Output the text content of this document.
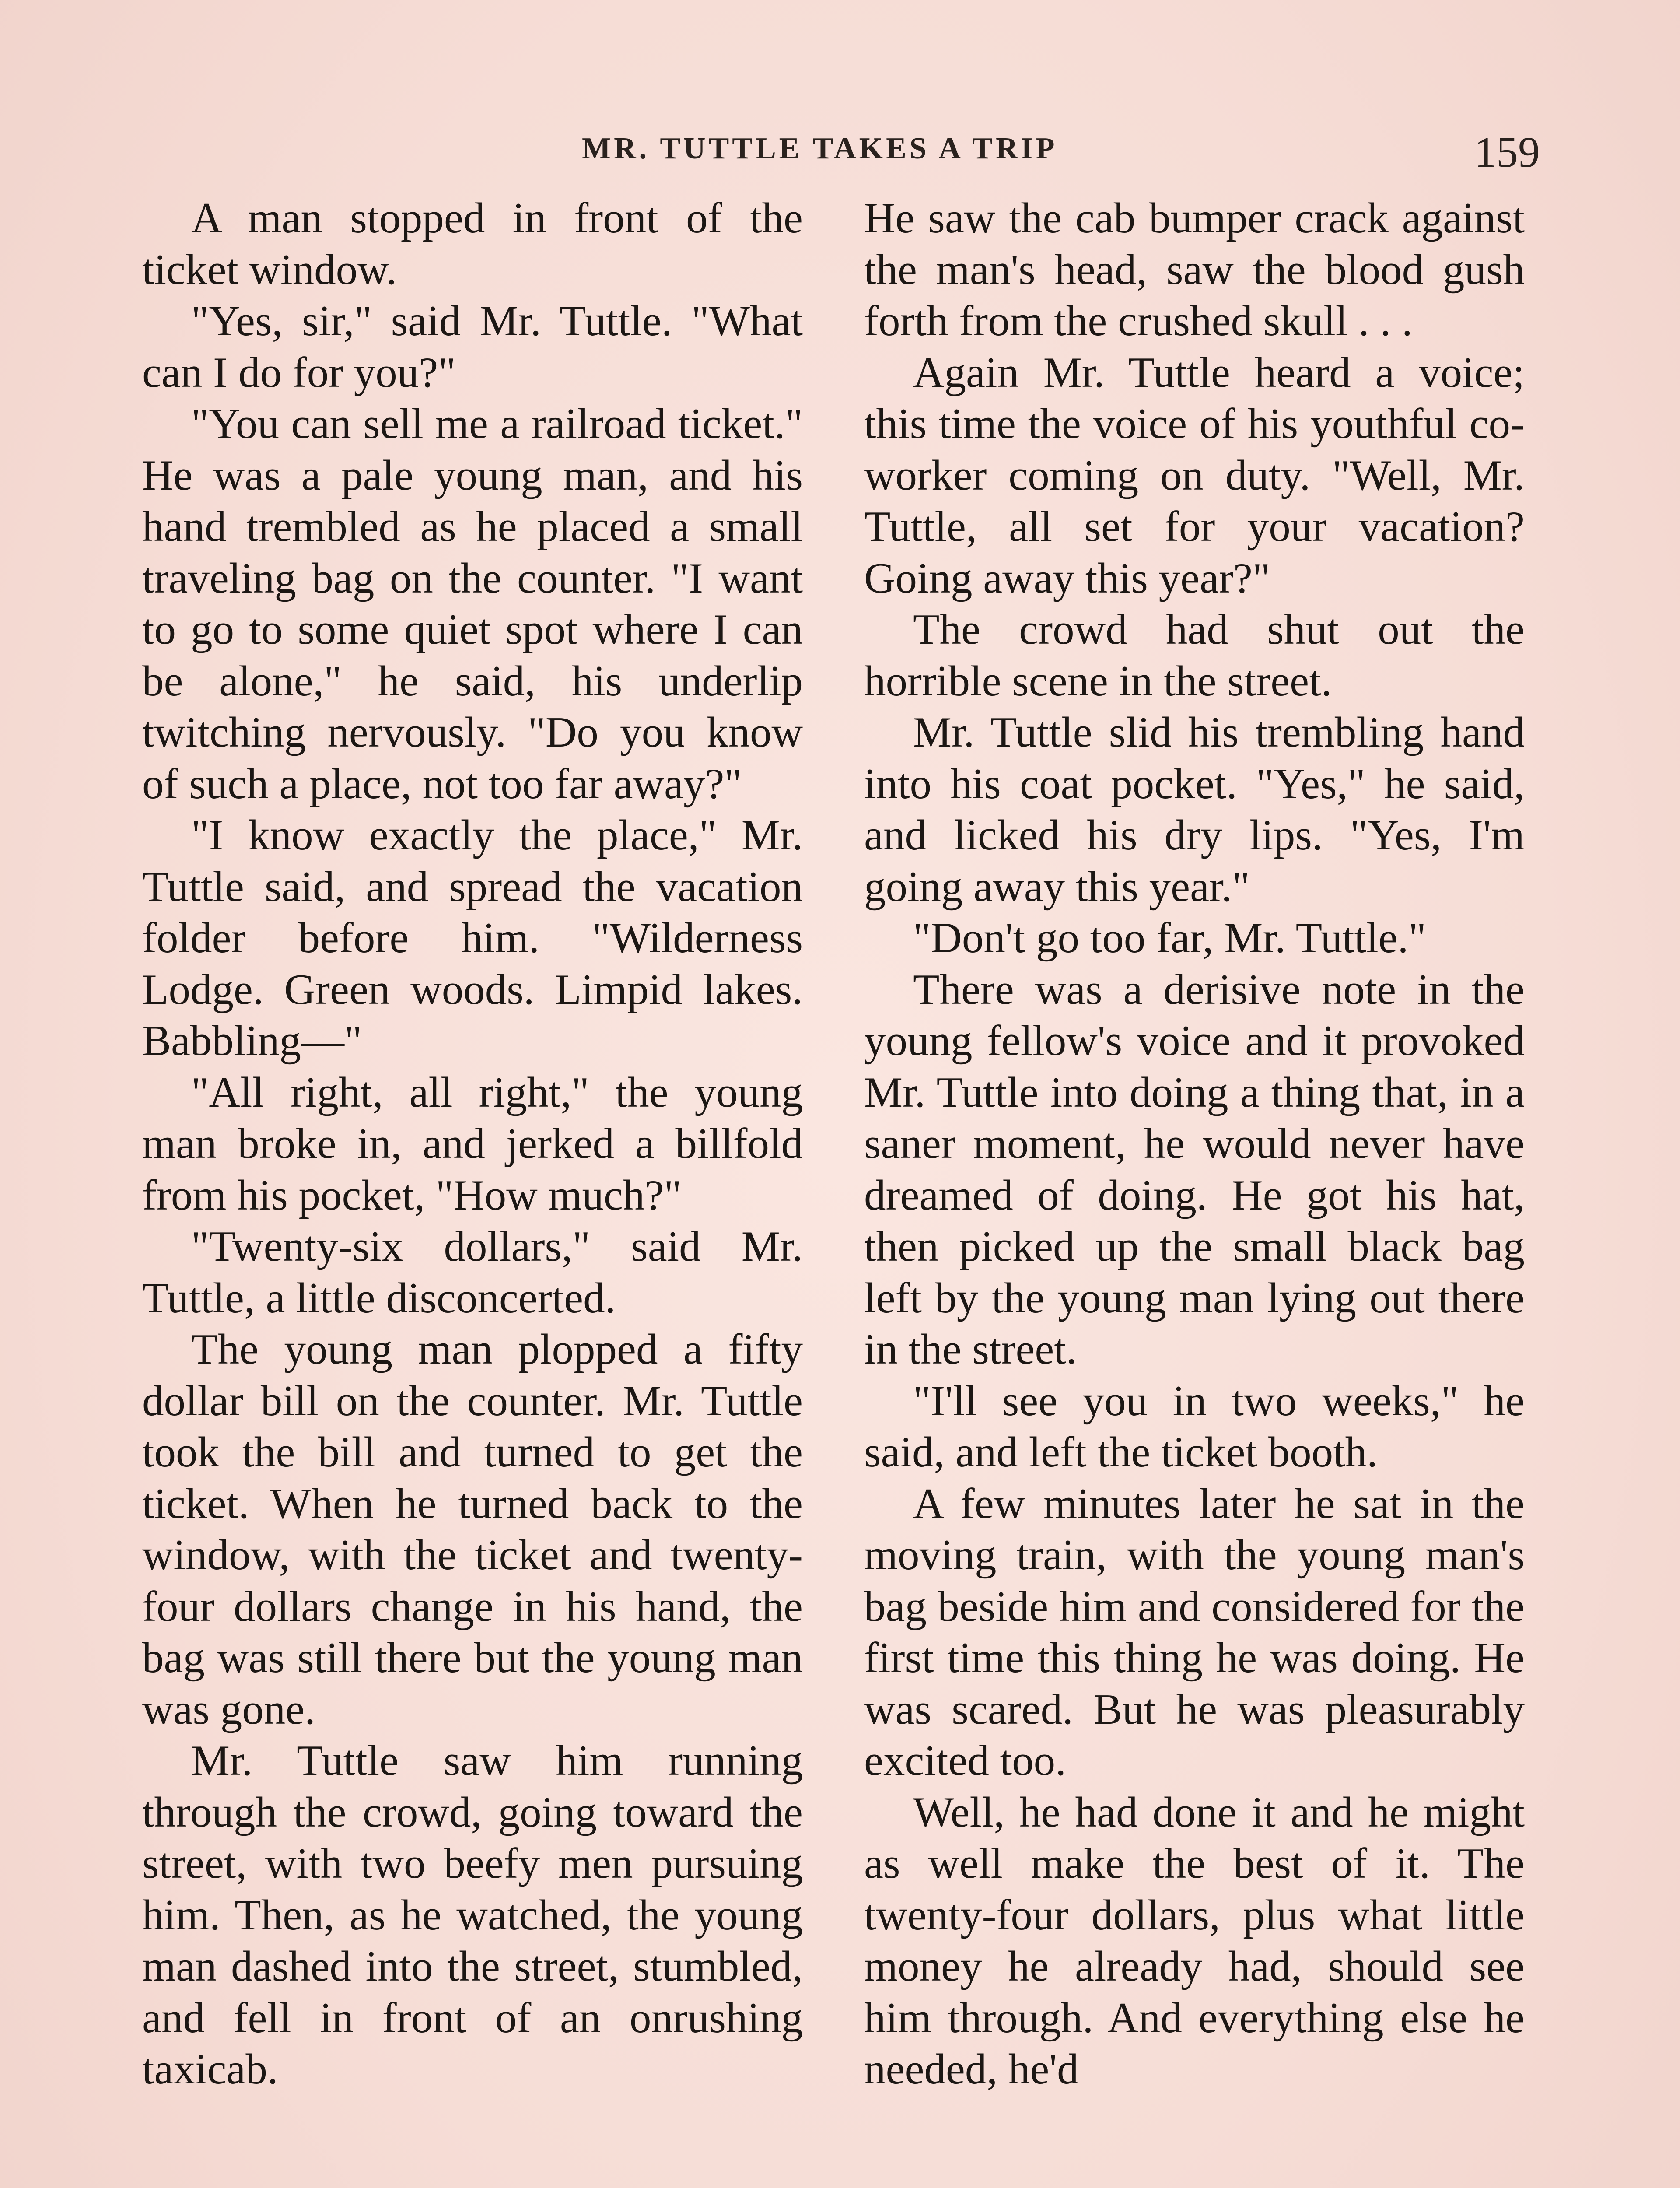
MR. TUTTLE TAKES A TRIP	159

A man stopped in front of the ticket window.

"Yes, sir," said Mr. Tuttle. "What can I do for you?"

"You can sell me a railroad ticket." He was a pale young man, and his hand trembled as he placed a small traveling bag on the counter. "I want to go to some quiet spot where I can be alone," he said, his underlip twitching nervously. "Do you know of such a place, not too far away?"

"I know exactly the place," Mr. Tuttle said, and spread the vacation folder before him. "Wilderness Lodge. Green woods. Limpid lakes. Babbling—"

"All right, all right," the young man broke in, and jerked a billfold from his pocket, "How much?"

"Twenty-six dollars," said Mr. Tuttle, a little disconcerted.

The young man plopped a fifty dollar bill on the counter. Mr. Tuttle took the bill and turned to get the ticket. When he turned back to the window, with the ticket and twenty-four dollars change in his hand, the bag was still there but the young man was gone.

Mr. Tuttle saw him running through the crowd, going toward the street, with two beefy men pursuing him. Then, as he watched, the young man dashed into the street, stumbled, and fell in front of an onrushing taxicab.

He saw the cab bumper crack against the man's head, saw the blood gush forth from the crushed skull . . .

Again Mr. Tuttle heard a voice; this time the voice of his youthful co-worker coming on duty. "Well, Mr. Tuttle, all set for your vacation? Going away this year?"

The crowd had shut out the horrible scene in the street.

Mr. Tuttle slid his trembling hand into his coat pocket. "Yes," he said, and licked his dry lips. "Yes, I'm going away this year."

"Don't go too far, Mr. Tuttle."

There was a derisive note in the young fellow's voice and it provoked Mr. Tuttle into doing a thing that, in a saner moment, he would never have dreamed of doing. He got his hat, then picked up the small black bag left by the young man lying out there in the street.

"I'll see you in two weeks," he said, and left the ticket booth.

A few minutes later he sat in the moving train, with the young man's bag beside him and considered for the first time this thing he was doing. He was scared. But he was pleasurably excited too.

Well, he had done it and he might as well make the best of it. The twenty-four dollars, plus what little money he already had, should see him through. And everything else he needed, he'd
